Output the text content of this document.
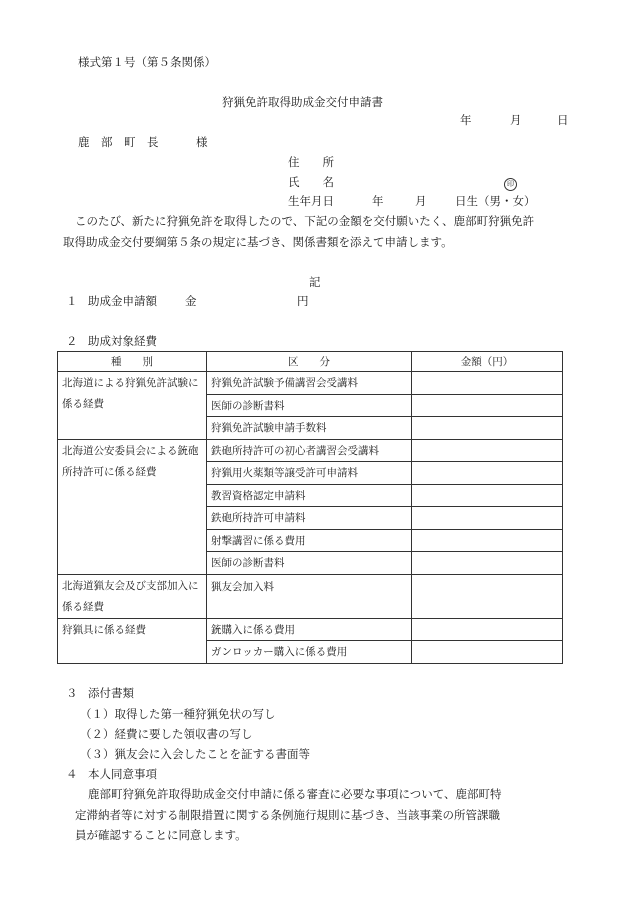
様式第１号（第５条関係）
狩猟免許取得助成金交付申請書
年	月	日
鹿　部　町　長	様
住　　所
氏　　名	印
生年月日	年	月 日生（男・女）
このたび、新たに狩猟免許を取得したので、下記の金額を交付願いたく、鹿部町狩猟免許
取得助成金交付要綱第５条の規定に基づき、関係書類を添えて申請します。
記
１ 助成金申請額 金	円
２ 助成対象経費
種　　別	区　　分	金額（円）
北海道による狩猟免許試験に係る経費	狩猟免許試験予備講習会受講料	
	医師の診断書料	
	狩猟免許試験申請手数料	
北海道公安委員会による銃砲所持許可に係る経費	鉄砲所持許可の初心者講習会受講料	
	狩猟用火薬類等譲受許可申請料	
	教習資格認定申請料	
	鉄砲所持許可申請料	
	射撃講習に係る費用	
	医師の診断書料	
北海道猟友会及び支部加入に係る経費	猟友会加入料	
狩猟具に係る経費	銃購入に係る費用	
	ガンロッカー購入に係る費用	
３ 添付書類
（１）取得した第一種狩猟免状の写し
（２）経費に要した領収書の写し
（３）猟友会に入会したことを証する書面等
４ 本人同意事項
鹿部町狩猟免許取得助成金交付申請に係る審査に必要な事項について、鹿部町特
定滞納者等に対する制限措置に関する条例施行規則に基づき、当該事業の所管課職
員が確認することに同意します。
